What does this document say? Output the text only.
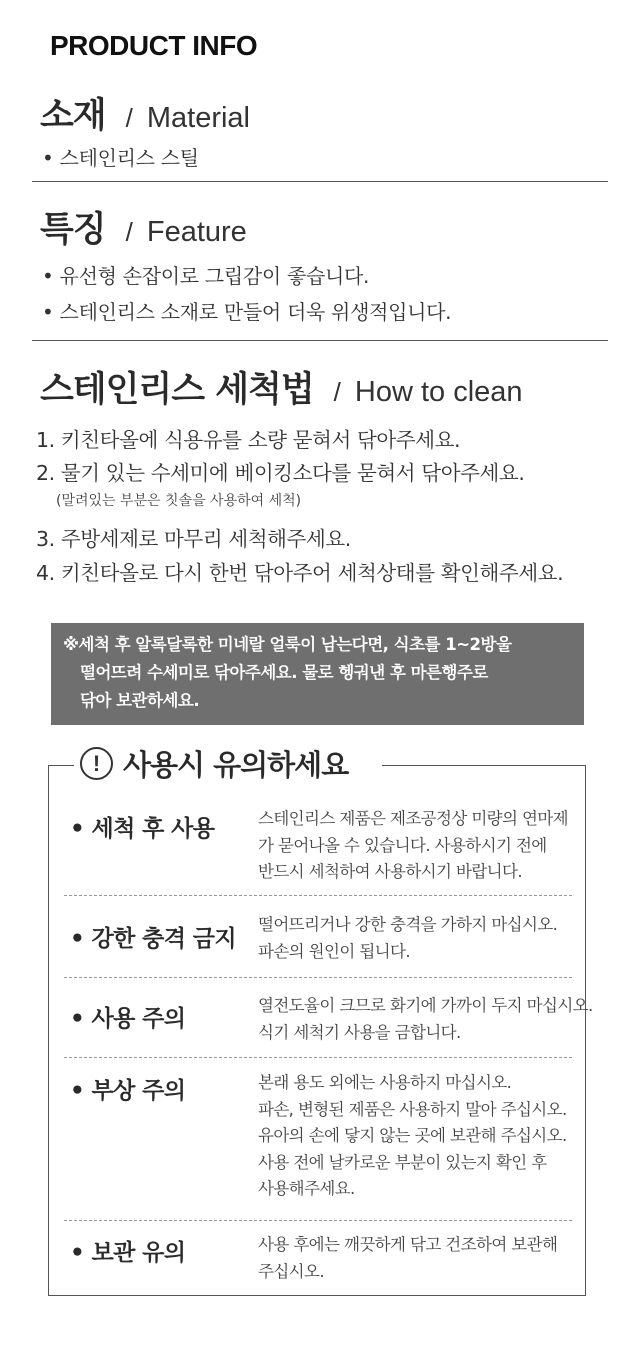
PRODUCT INFO
소재 / Material
• 스테인리스 스틸
특징 / Feature
• 유선형 손잡이로 그립감이 좋습니다.
• 스테인리스 소재로 만들어 더욱 위생적입니다.
스테인리스 세척법 / How to clean
1. 키친타올에 식용유를 소량 묻혀서 닦아주세요.
2. 물기 있는 수세미에 베이킹소다를 묻혀서 닦아주세요.
(말려있는 부분은 칫솔을 사용하여 세척)
3. 주방세제로 마무리 세척해주세요.
4. 키친타올로 다시 한번 닦아주어 세척상태를 확인해주세요.
※세척 후 알록달록한 미네랄 얼룩이 남는다면, 식초를 1~2방울
떨어뜨려 수세미로 닦아주세요. 물로 헹궈낸 후 마른행주로
닦아 보관하세요.
! 사용시 유의하세요
• 세척 후 사용	스테인리스 제품은 제조공정상 미량의 연마제
가 묻어나올 수 있습니다. 사용하시기 전에
반드시 세척하여 사용하시기 바랍니다.
• 강한 충격 금지
떨어뜨리거나 강한 충격을 가하지 마십시오.
파손의 원인이 됩니다.
• 사용 주의
열전도율이 크므로 화기에 가까이 두지 마십시오.
식기 세척기 사용을 금합니다.
• 부상 주의	본래 용도 외에는 사용하지 마십시오.
파손, 변형된 제품은 사용하지 말아 주십시오.
유아의 손에 닿지 않는 곳에 보관해 주십시오.
사용 전에 날카로운 부분이 있는지 확인 후
사용해주세요.
• 보관 유의	사용 후에는 깨끗하게 닦고 건조하여 보관해
주십시오.
